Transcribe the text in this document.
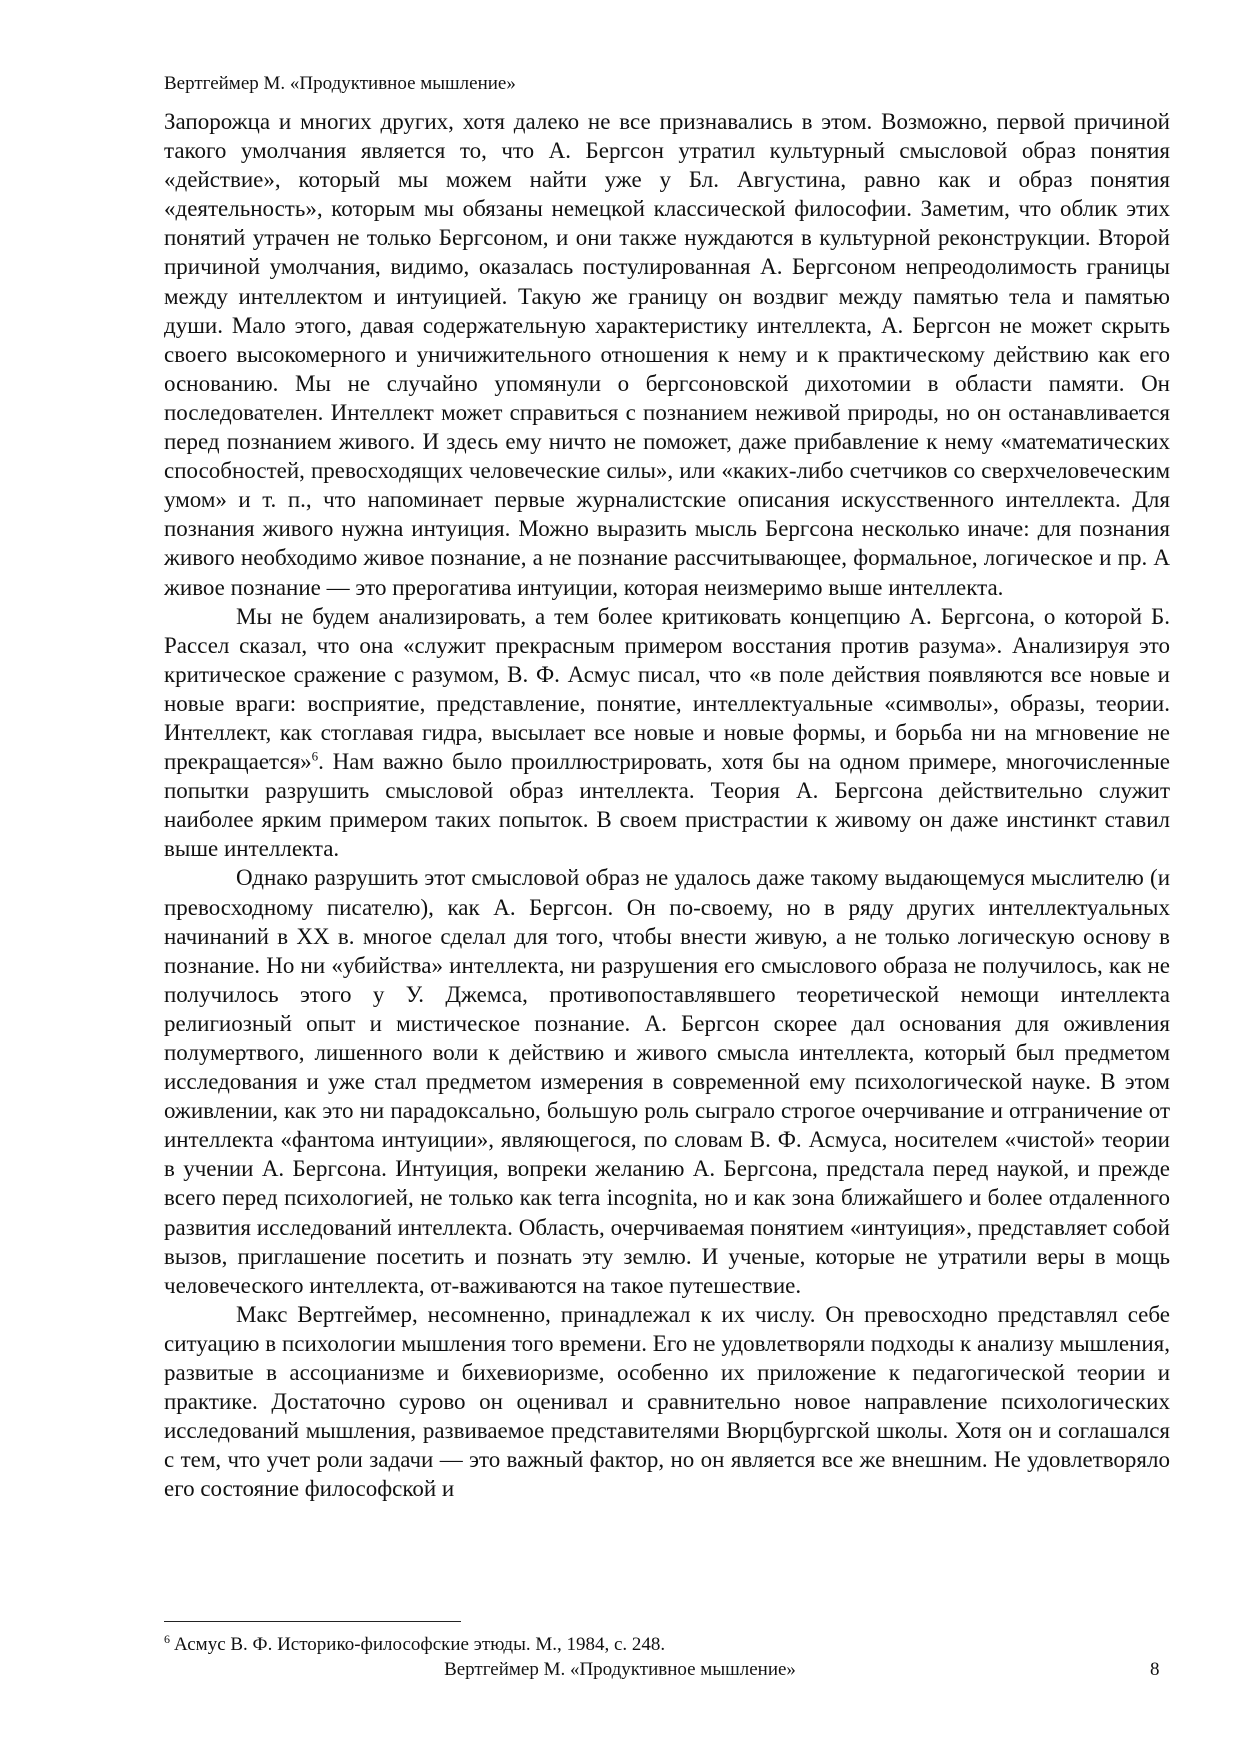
Вертгеймер М. «Продуктивное мышление»

Запорожца и многих других, хотя далеко не все признавались в этом. Возможно, первой причиной такого умолчания является то, что А. Бергсон утратил культурный смысловой образ понятия «действие», который мы можем найти уже у Бл. Августина, равно как и образ понятия «деятельность», которым мы обязаны немецкой классической философии. Заметим, что облик этих понятий утрачен не только Бергсоном, и они также нуждаются в культурной реконструкции. Второй причиной умолчания, видимо, оказалась постулированная А. Бергсоном непреодолимость границы между интеллектом и интуицией. Такую же границу он воздвиг между памятью тела и памятью души. Мало этого, давая содержательную характеристику интеллекта, А. Бергсон не может скрыть своего высокомерного и уничижительного отношения к нему и к практическому действию как его основанию. Мы не случайно упомянули о бергсоновской дихотомии в области памяти. Он последователен. Интеллект может справиться с познанием неживой природы, но он останавливается перед познанием живого. И здесь ему ничто не поможет, даже прибавление к нему «математических способностей, превосходящих человеческие силы», или «каких-либо счетчиков со сверхчеловеческим умом» и т. п., что напоминает первые журналистские описания искусственного интеллекта. Для познания живого нужна интуиция. Можно выразить мысль Бергсона несколько иначе: для познания живого необходимо живое познание, а не познание рассчитывающее, формальное, логическое и пр. А живое познание — это прерогатива интуиции, которая неизмеримо выше интеллекта.

Мы не будем анализировать, а тем более критиковать концепцию А. Бергсона, о которой Б. Рассел сказал, что она «служит прекрасным примером восстания против разума». Анализируя это критическое сражение с разумом, В. Ф. Асмус писал, что «в поле действия появляются все новые и новые враги: восприятие, представление, понятие, интеллектуальные «символы», образы, теории. Интеллект, как стоглавая гидра, высылает все новые и новые формы, и борьба ни на мгновение не прекращается»$^6$. Нам важно было проиллюстрировать, хотя бы на одном примере, многочисленные попытки разрушить смысловой образ интеллекта. Теория А. Бергсона действительно служит наиболее ярким примером таких попыток. В своем пристрастии к живому он даже инстинкт ставил выше интеллекта.

Однако разрушить этот смысловой образ не удалось даже такому выдающемуся мыслителю (и превосходному писателю), как А. Бергсон. Он по-своему, но в ряду других интеллектуальных начинаний в XX в. многое сделал для того, чтобы внести живую, а не только логическую основу в познание. Но ни «убийства» интеллекта, ни разрушения его смыслового образа не получилось, как не получилось этого у У. Джемса, противопоставлявшего теоретической немощи интеллекта религиозный опыт и мистическое познание. А. Бергсон скорее дал основания для оживления полумертвого, лишенного воли к действию и живого смысла интеллекта, который был предметом исследования и уже стал предметом измерения в современной ему психологической науке. В этом оживлении, как это ни парадоксально, большую роль сыграло строгое очерчивание и отграничение от интеллекта «фантома интуиции», являющегося, по словам В. Ф. Асмуса, носителем «чистой» теории в учении А. Бергсона. Интуиция, вопреки желанию А. Бергсона, предстала перед наукой, и прежде всего перед психологией, не только как terra incognita, но и как зона ближайшего и более отдаленного развития исследований интеллекта. Область, очерчиваемая понятием «интуиция», представляет собой вызов, приглашение посетить и познать эту землю. И ученые, которые не утратили веры в мощь человеческого интеллекта, от-важиваются на такое путешествие.

Макс Вертгеймер, несомненно, принадлежал к их числу. Он превосходно представлял себе ситуацию в психологии мышления того времени. Его не удовлетворяли подходы к анализу мышления, развитые в ассоцианизме и бихевиоризме, особенно их приложение к педагогической теории и практике. Достаточно сурово он оценивал и сравнительно новое направление психологических исследований мышления, развиваемое представителями Вюрцбургской школы. Хотя он и соглашался с тем, что учет роли задачи — это важный фактор, но он является все же внешним. Не удовлетворяло его состояние философской и

$^6$ Асмус В. Ф. Историко-философские этюды. М., 1984, с. 248.
Вертгеймер М. «Продуктивное мышление»	8
